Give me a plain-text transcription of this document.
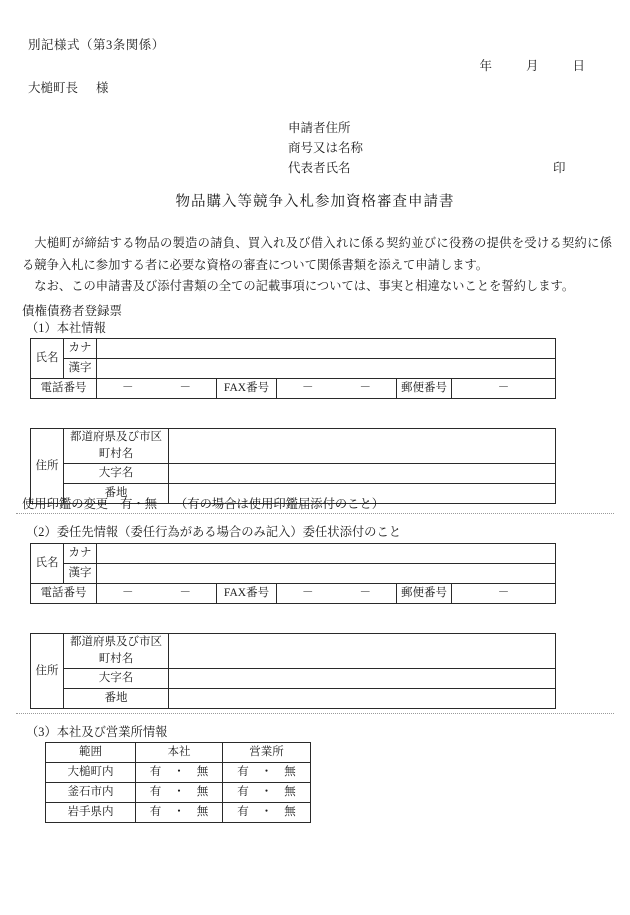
別記様式（第3条関係）
年	月	日
大槌町長 様
申請者住所
商号又は名称
代表者氏名	印
物品購入等競争入札参加資格審査申請書

大槌町が締結する物品の製造の請負、買入れ及び借入れに係る契約並びに役務の提供を受ける契約に係る競争入札に参加する者に必要な資格の審査について関係書類を添えて申請します。

なお、この申請書及び添付書類の全ての記載事項については、事実と相違ないことを誓約します。

債権債務者登録票
（1）本社情報
氏名	カナ					
	漢字					
電話番号		－ －	FAX番号	－ －	郵便番号	－
住所	都道府県及び市区町村名	
	大字名	
	番地	
使用印鑑の変更 有・無 （有の場合は使用印鑑届添付のこと）
（2）委任先情報（委任行為がある場合のみ記入）委任状添付のこと
氏名	カナ					
	漢字					
電話番号		－ －	FAX番号	－ －	郵便番号	－
住所	都道府県及び市区町村名	
	大字名	
	番地	
（3）本社及び営業所情報
範囲	本社	営業所
大槌町内	有 ・ 無	有 ・ 無

釜石市内	有 ・ 無	有 ・ 無

岩手県内	有 ・ 無	有 ・ 無
